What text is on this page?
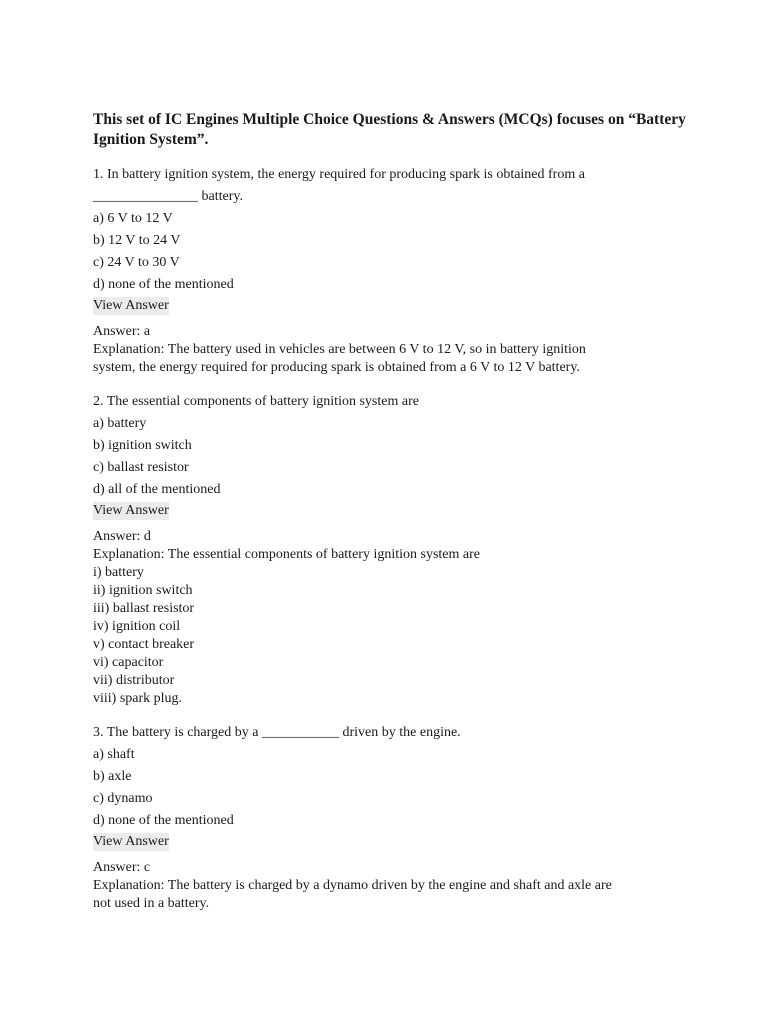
This set of IC Engines Multiple Choice Questions & Answers (MCQs) focuses on “Battery Ignition System”.

1. In battery ignition system, the energy required for producing spark is obtained from a

_______________ battery.

a) 6 V to 12 V

b) 12 V to 24 V

c) 24 V to 30 V

d) none of the mentioned

View Answer

Answer: a

Explanation: The battery used in vehicles are between 6 V to 12 V, so in battery ignition

system, the energy required for producing spark is obtained from a 6 V to 12 V battery.

2. The essential components of battery ignition system are

a) battery

b) ignition switch

c) ballast resistor

d) all of the mentioned

View Answer

Answer: d

Explanation: The essential components of battery ignition system are

i) battery

ii) ignition switch

iii) ballast resistor

iv) ignition coil

v) contact breaker

vi) capacitor

vii) distributor

viii) spark plug.

3. The battery is charged by a ___________ driven by the engine.

a) shaft

b) axle

c) dynamo

d) none of the mentioned

View Answer

Answer: c

Explanation: The battery is charged by a dynamo driven by the engine and shaft and axle are

not used in a battery.
